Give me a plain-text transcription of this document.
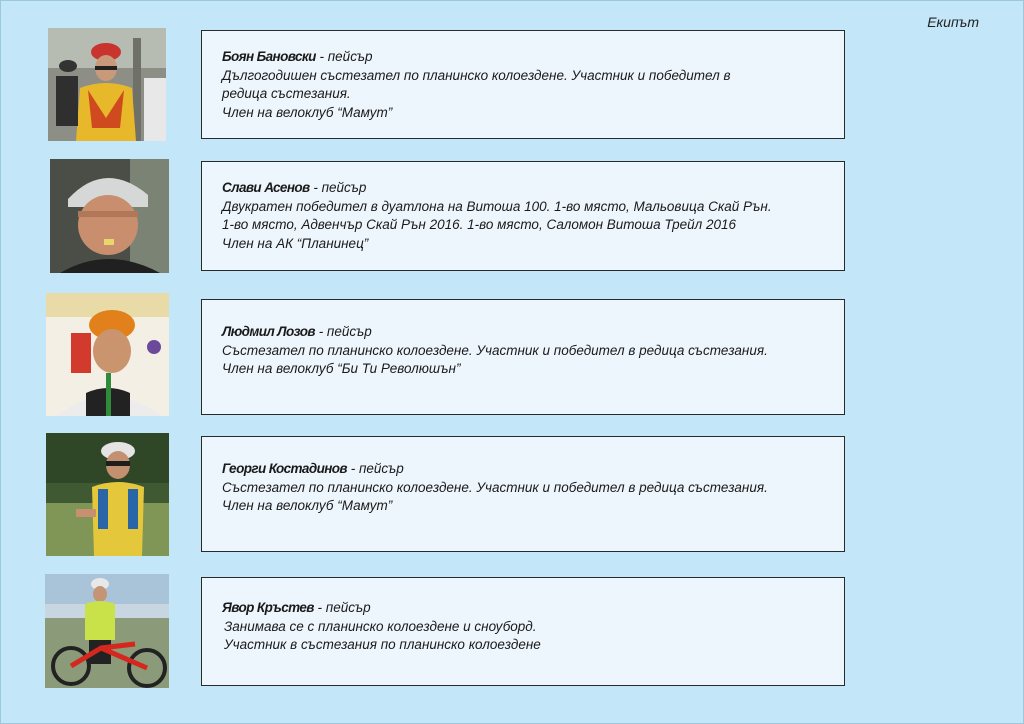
Екипът

Боян Бановски - пейсър

Дългогодишен състезател по планинско колоездене. Участник и победител в

редица състезания.

Член на велоклуб “Мамут”

Слави Асенов - пейсър

Двукратен победител в дуатлона на Витоша 100. 1-во място, Мальовица Скай Рън.

1-во място, Адвенчър Скай Рън 2016. 1-во място, Саломон Витоша Трейл 2016

Член на АК “Планинец”

Людмил Лозов - пейсър

Състезател по планинско колоездене. Участник и победител в редица състезания.

Член на велоклуб “Би Ти Революшън”

Георги Костадинов - пейсър

Състезател по планинско колоездене. Участник и победител в редица състезания.

Член на велоклуб “Мамут”

Явор Кръстев - пейсър

Занимава се с планинско колоездене и сноуборд.

Участник в състезания по планинско колоездене
